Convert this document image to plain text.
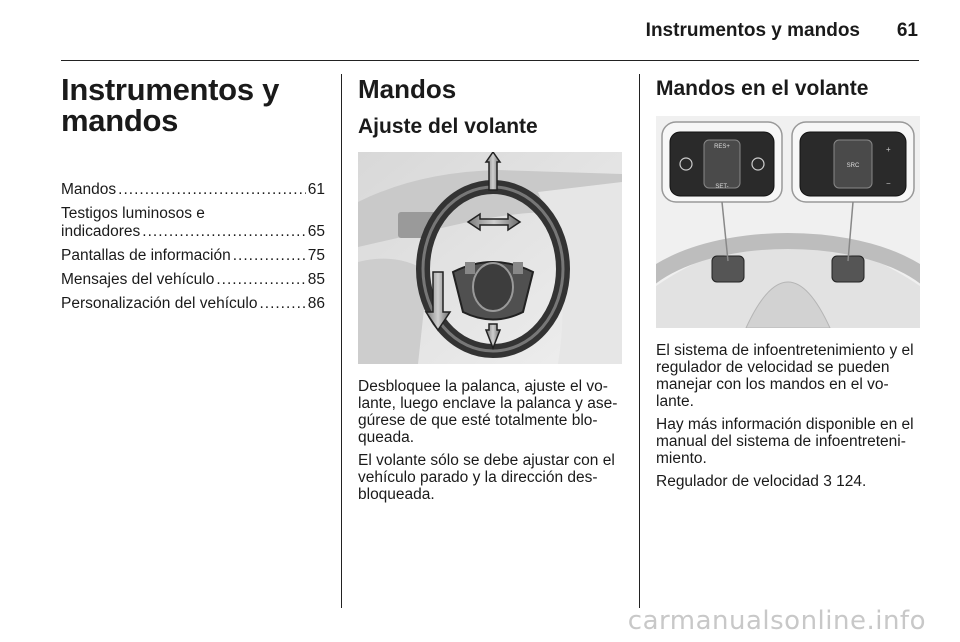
Instrumentos y mandos 61
Instrumentos y mandos
Mandos .....	61
Testigos luminosos e
indicadores .....	65
Pantallas de información .....	75
Mensajes del vehículo .....	85
Personalización del vehículo .....	86
Mandos
Ajuste del volante

Desbloquee la palanca, ajuste el vo-lante, luego enclave la palanca y ase-gúrese de que esté totalmente blo-queada.

El volante sólo se debe ajustar con el vehículo parado y la dirección des-bloqueada.

Mandos en el volante
RES+
SET-
SRC
+
−

El sistema de infoentretenimiento y el regulador de velocidad se pueden manejar con los mandos en el vo-lante.

Hay más información disponible en el manual del sistema de infoentreteni-miento.

Regulador de velocidad 3 124.

carmanualsonline.info
